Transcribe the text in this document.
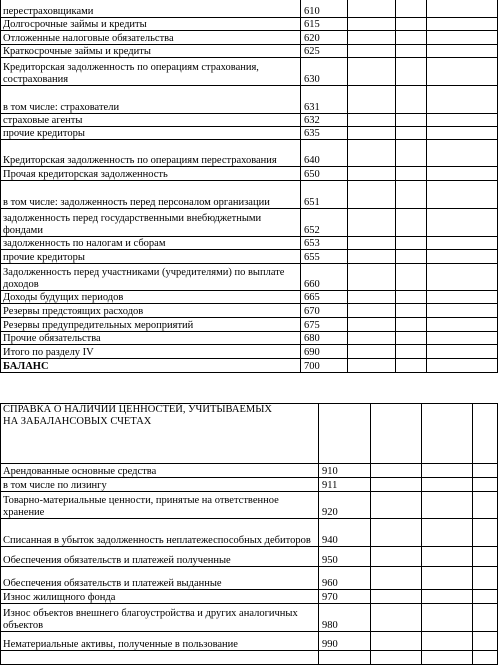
перестраховщиками	610			
Долгосрочные займы и кредиты	615			
Отложенные налоговые обязательства	620			
Краткосрочные займы и кредиты	625			
Кредиторская задолженность по операциям страхования, сострахования	630			
в том числе: страхователи	631			
страховые агенты	632			
прочие кредиторы	635			
Кредиторская задолженность по операциям перестрахования	640			
Прочая кредиторская задолженность	650			
в том числе: задолженность перед персоналом организации	651			
задолженность перед государственными внебюджетными фондами	652			
задолженность по налогам и сборам	653			
прочие кредиторы	655			
Задолженность перед участниками (учредителями) по выплате доходов	660			
Доходы будущих периодов	665			
Резервы предстоящих расходов	670			
Резервы предупредительных мероприятий	675			
Прочие обязательства	680			
Итого по разделу IV	690			
БАЛАНС	700			
СПРАВКА О НАЛИЧИИ ЦЕННОСТЕЙ, УЧИТЫВАЕМЫХ
НА ЗАБАЛАНСОВЫХ СЧЕТАХ				

Арендованные основные средства	910			
в том числе по лизингу	911			
Товарно-материальные ценности, принятые на ответственное хранение	920			
Списанная в убыток задолженность неплатежеспособных дебиторов	940			
Обеспечения обязательств и платежей полученные	950			
Обеспечения обязательств и платежей выданные	960			
Износ жилищного фонда	970			
Износ объектов внешнего благоустройства и других аналогичных объектов	980			
Нематериальные активы, полученные в пользование	990			
